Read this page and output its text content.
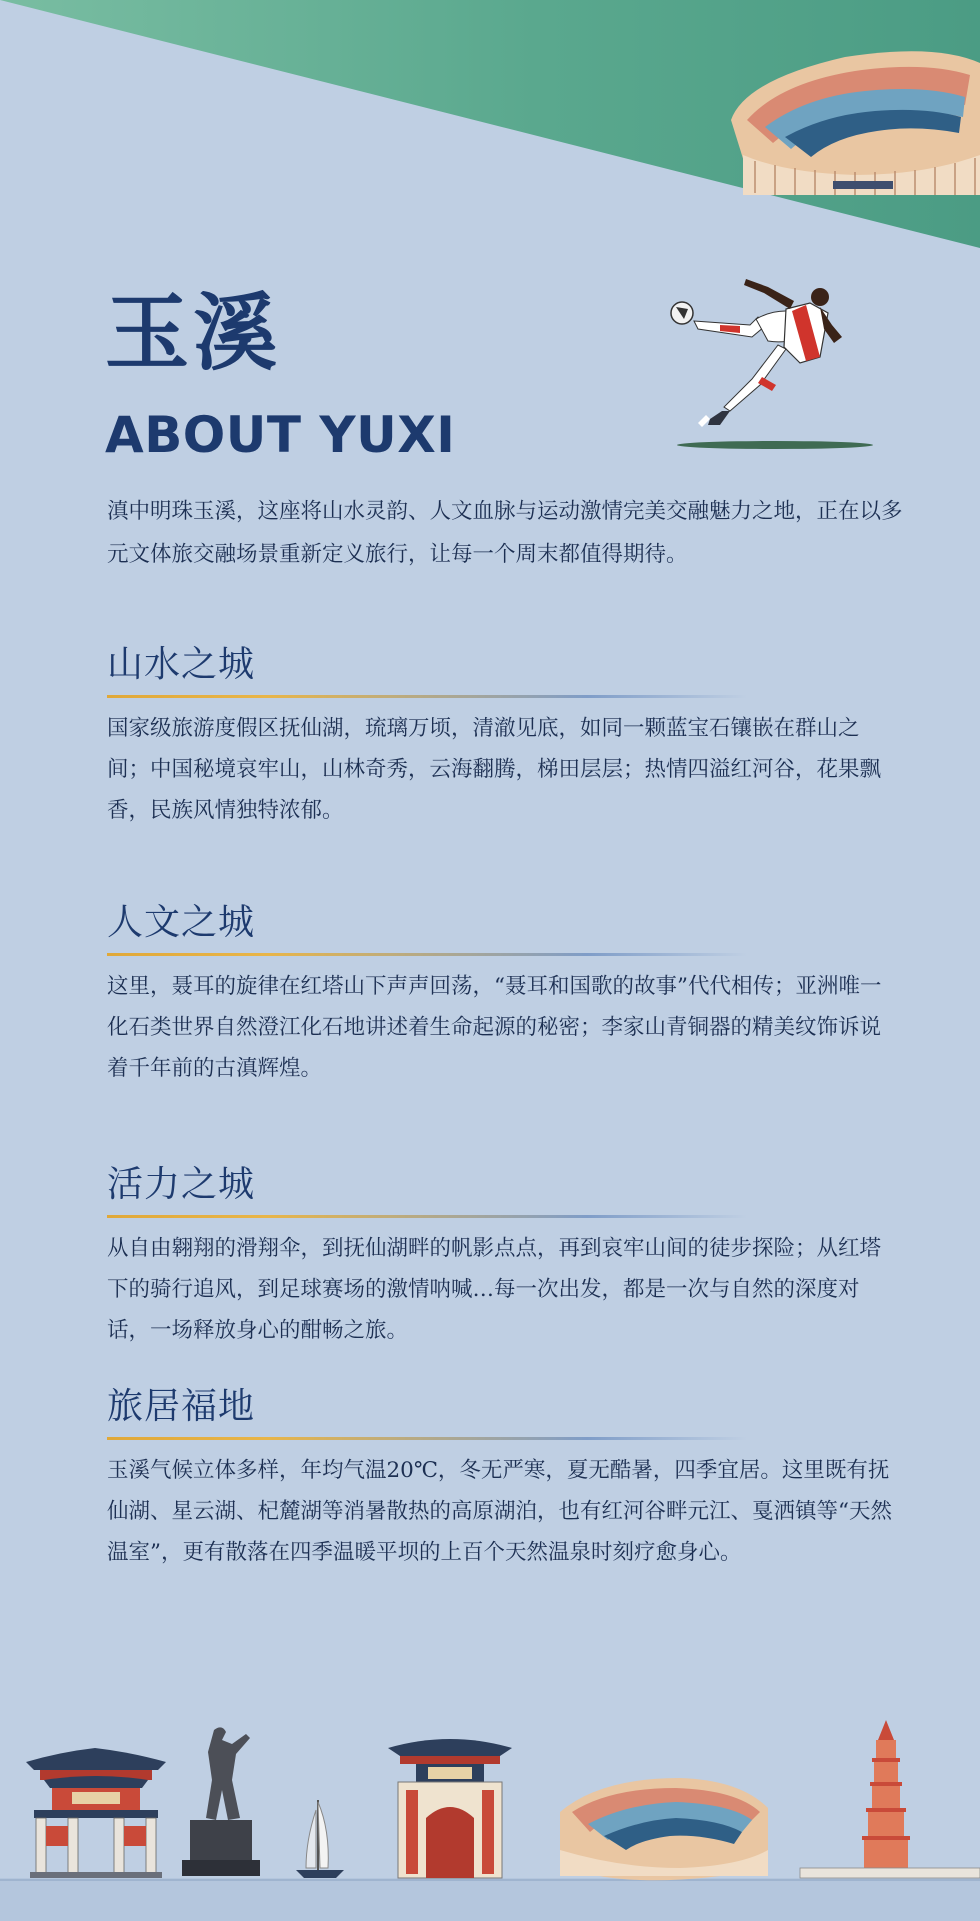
玉溪
ABOUT YUXI

滇中明珠玉溪，这座将山水灵韵、人文血脉与运动激情完美交融魅力之地，正在以多元文体旅交融场景重新定义旅行，让每一个周末都值得期待。

山水之城

国家级旅游度假区抚仙湖，琉璃万顷，清澈见底，如同一颗蓝宝石镶嵌在群山之间；中国秘境哀牢山，山林奇秀，云海翻腾，梯田层层；热情四溢红河谷，花果飘香，民族风情独特浓郁。

人文之城

这里，聂耳的旋律在红塔山下声声回荡，“聂耳和国歌的故事”代代相传；亚洲唯一化石类世界自然澄江化石地讲述着生命起源的秘密；李家山青铜器的精美纹饰诉说着千年前的古滇辉煌。

活力之城

从自由翱翔的滑翔伞，到抚仙湖畔的帆影点点，再到哀牢山间的徒步探险；从红塔下的骑行追风，到足球赛场的激情呐喊…每一次出发，都是一次与自然的深度对话，一场释放身心的酣畅之旅。

旅居福地

玉溪气候立体多样，年均气温20℃，冬无严寒，夏无酷暑，四季宜居。这里既有抚仙湖、星云湖、杞麓湖等消暑散热的高原湖泊，也有红河谷畔元江、戛洒镇等“天然温室”，更有散落在四季温暖平坝的上百个天然温泉时刻疗愈身心。
